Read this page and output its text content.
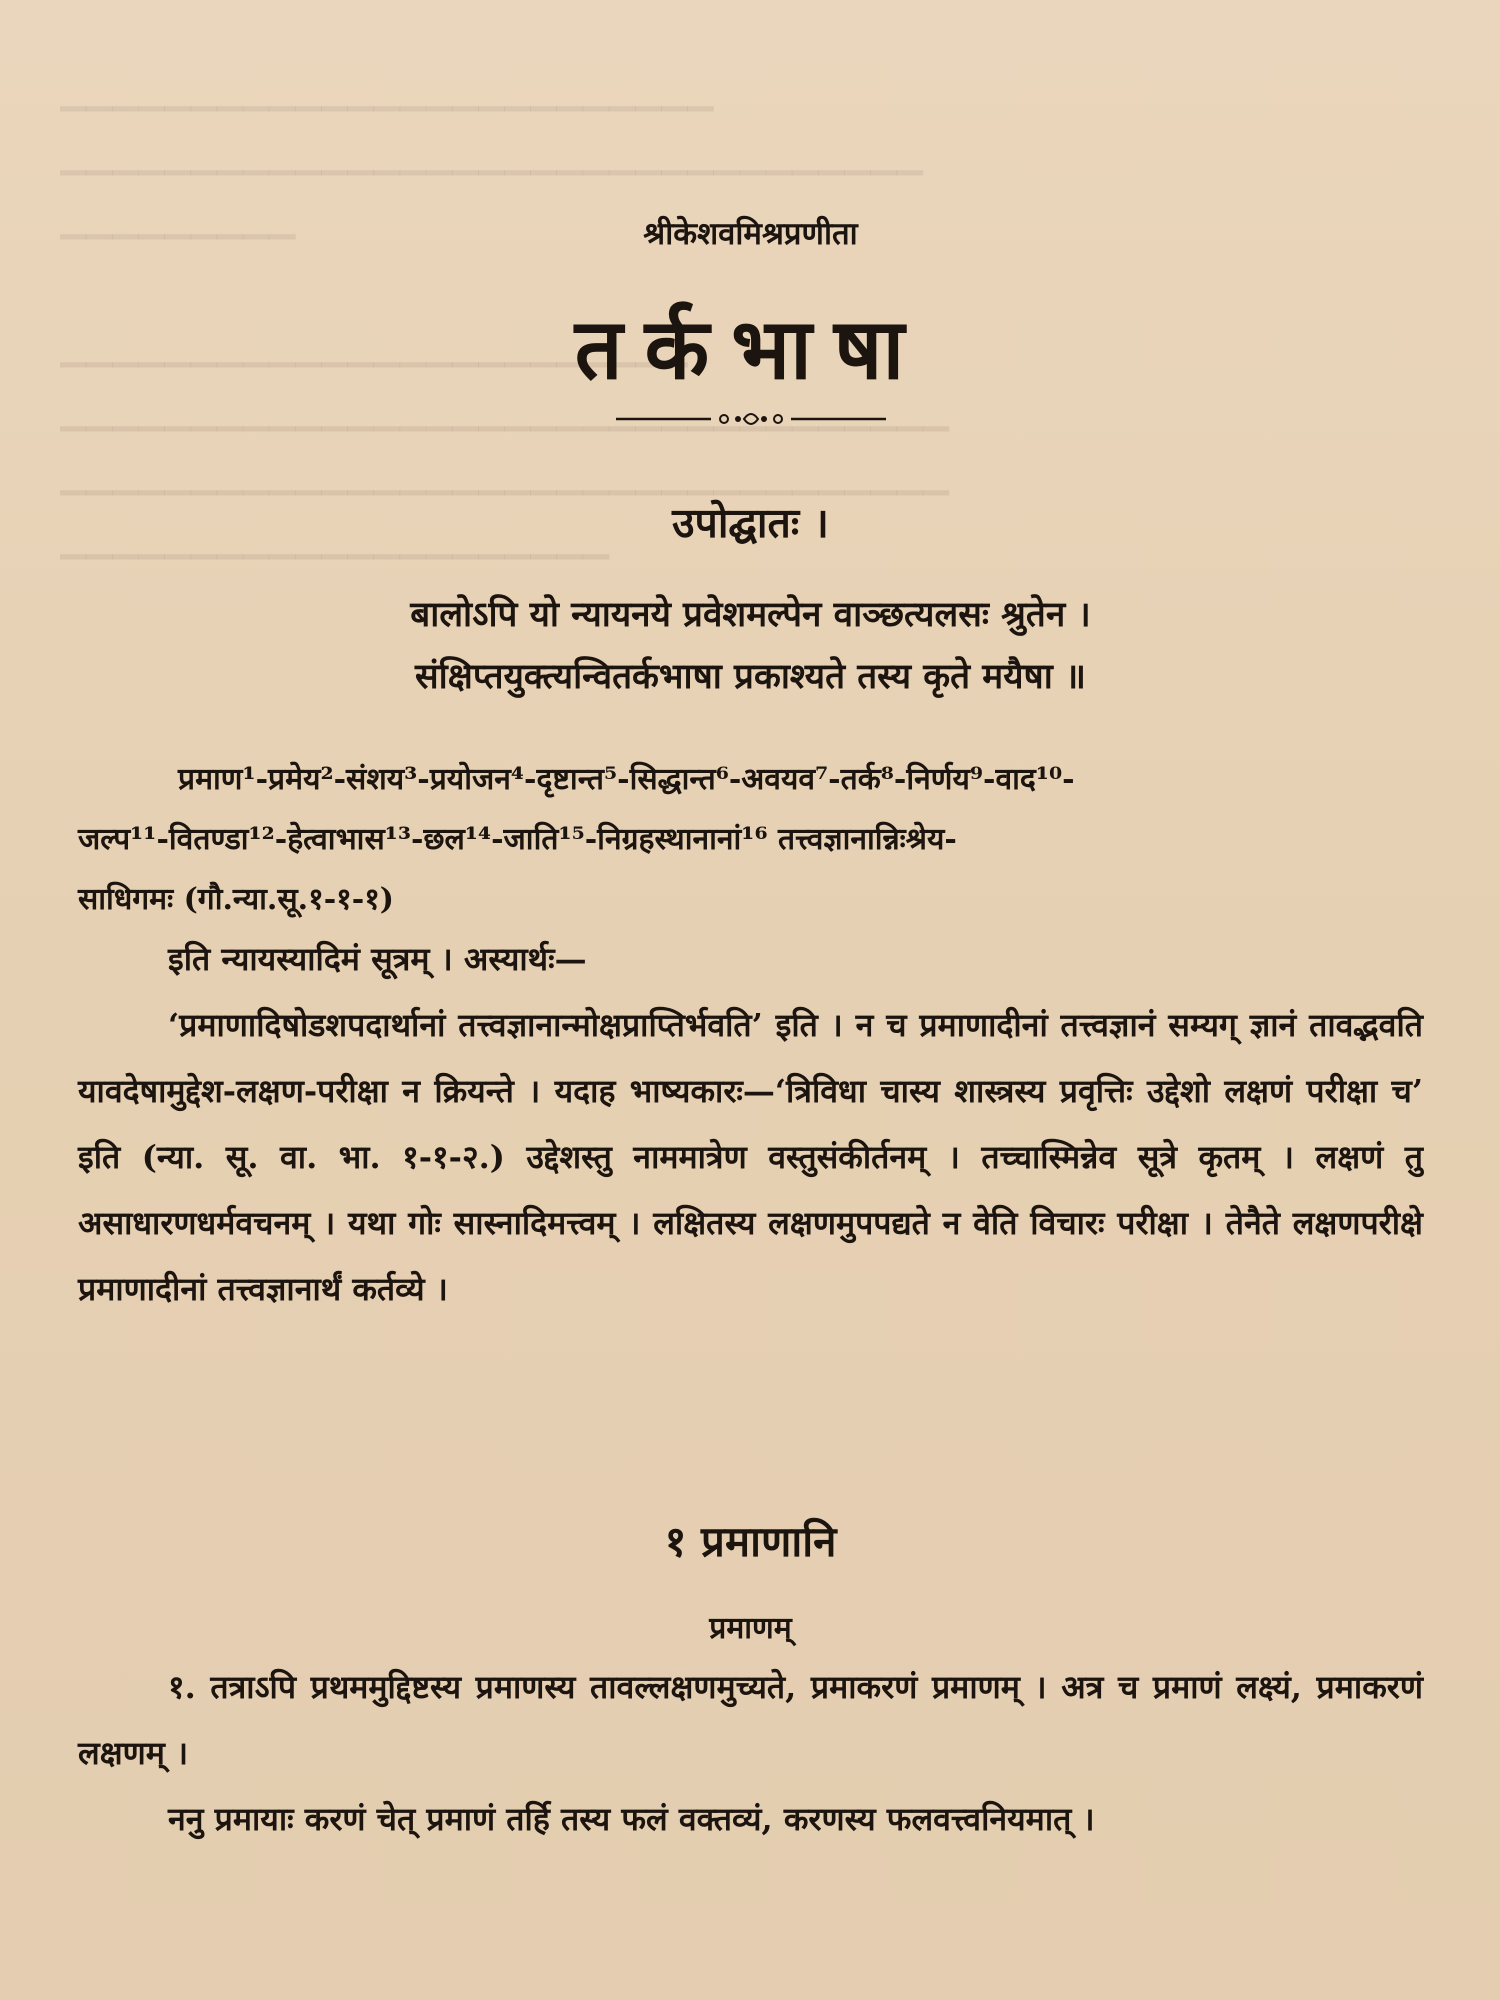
▁▁▁▁▁▁▁▁▁▁▁▁▁▁▁▁▁▁▁▁▁▁▁▁▁
▁▁▁▁▁▁▁▁▁▁▁▁▁▁▁▁▁▁▁▁▁▁▁▁▁▁▁▁▁▁▁▁▁
▁▁▁▁▁▁▁▁▁

▁▁▁▁▁▁▁▁▁▁▁▁▁▁▁▁▁▁▁▁▁▁▁▁
▁▁▁▁▁▁▁▁▁▁▁▁▁▁▁▁▁▁▁▁▁▁▁▁▁▁▁▁▁▁▁▁▁▁
▁▁▁▁▁▁▁▁▁▁▁▁▁▁▁▁▁▁▁▁▁▁▁▁▁▁▁▁▁▁▁▁▁▁
▁▁▁▁▁▁▁▁▁▁▁▁▁▁▁▁▁▁▁▁▁

श्रीकेशवमिश्रप्रणीता
तर्कभाषा
उपोद्घातः ।
बालोऽपि यो न्यायनये प्रवेशमल्पेन वाञ्छत्यलसः श्रुतेन ।
संक्षिप्तयुक्त्यन्वितर्कभाषा प्रकाश्यते तस्य कृते मयैषा ॥
प्रमाण¹-प्रमेय²-संशय³-प्रयोजन⁴-दृष्टान्त⁵-सिद्धान्त⁶-अवयव⁷-तर्क⁸-निर्णय⁹-वाद¹⁰-
जल्प¹¹-वितण्डा¹²-हेत्वाभास¹³-छल¹⁴-जाति¹⁵-निग्रहस्थानानां¹⁶ तत्त्वज्ञानान्निःश्रेय-
साधिगमः (गौ.न्या.सू.१-१-१)
इति न्यायस्यादिमं सूत्रम् । अस्यार्थः—
‘प्रमाणादिषोडशपदार्थानां तत्त्वज्ञानान्मोक्षप्राप्तिर्भवति’ इति । न च प्रमाणादीनां तत्त्वज्ञानं सम्यग् ज्ञानं तावद्भवति यावदेषामुद्देश-लक्षण-परीक्षा न क्रियन्ते । यदाह भाष्यकारः—‘त्रिविधा चास्य शास्त्रस्य प्रवृत्तिः उद्देशो लक्षणं परीक्षा च’ इति (न्या. सू. वा. भा. १-१-२.) उद्देशस्तु नाममात्रेण वस्तुसंकीर्तनम् । तच्चास्मिन्नेव सूत्रे कृतम् । लक्षणं तु असाधारणधर्मवचनम् । यथा गोः सास्नादिमत्त्वम् । लक्षितस्य लक्षणमुपपद्यते न वेति विचारः परीक्षा । तेनैते लक्षणपरीक्षे प्रमाणादीनां तत्त्वज्ञानार्थं कर्तव्ये ।
१ प्रमाणानि
प्रमाणम्
१. तत्राऽपि प्रथममुद्दिष्टस्य प्रमाणस्य तावल्लक्षणमुच्यते, प्रमाकरणं प्रमाणम् । अत्र च प्रमाणं लक्ष्यं, प्रमाकरणं लक्षणम् ।
ननु प्रमायाः करणं चेत् प्रमाणं तर्हि तस्य फलं वक्तव्यं, करणस्य फलवत्त्वनियमात् ।
